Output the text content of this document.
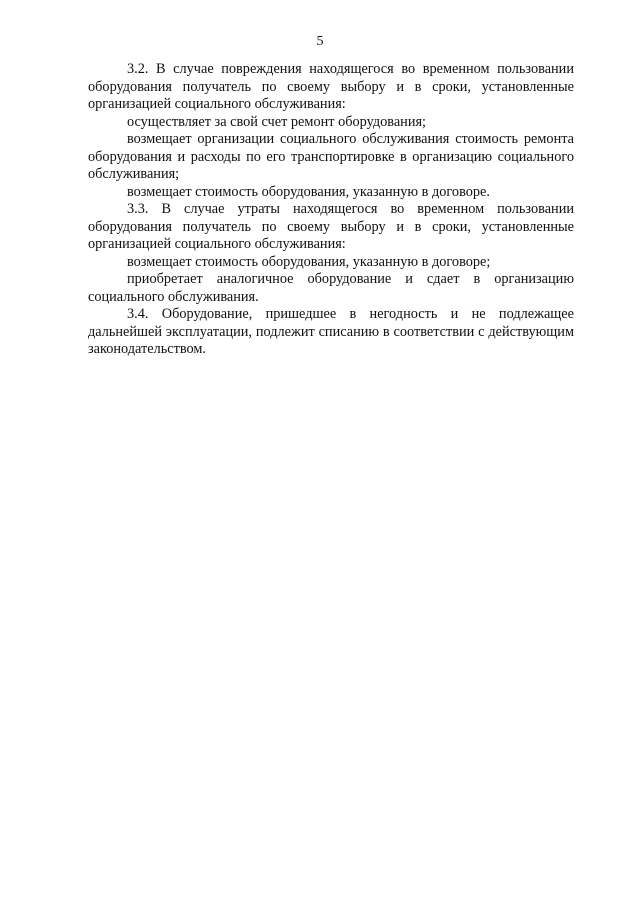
5

3.2. В случае повреждения находящегося во временном пользовании оборудования получатель по своему выбору и в сроки, установленные организацией социального обслуживания:

осуществляет за свой счет ремонт оборудования;

возмещает организации социального обслуживания стоимость ремонта оборудования и расходы по его транспортировке в организацию социального обслуживания;

возмещает стоимость оборудования, указанную в договоре.

3.3. В случае утраты находящегося во временном пользовании оборудования получатель по своему выбору и в сроки, установленные организацией социального обслуживания:

возмещает стоимость оборудования, указанную в договоре;

приобретает аналогичное оборудование и сдает в организацию социального обслуживания.

3.4. Оборудование, пришедшее в негодность и не подлежащее дальнейшей эксплуатации, подлежит списанию в соответствии с действующим законодательством.
